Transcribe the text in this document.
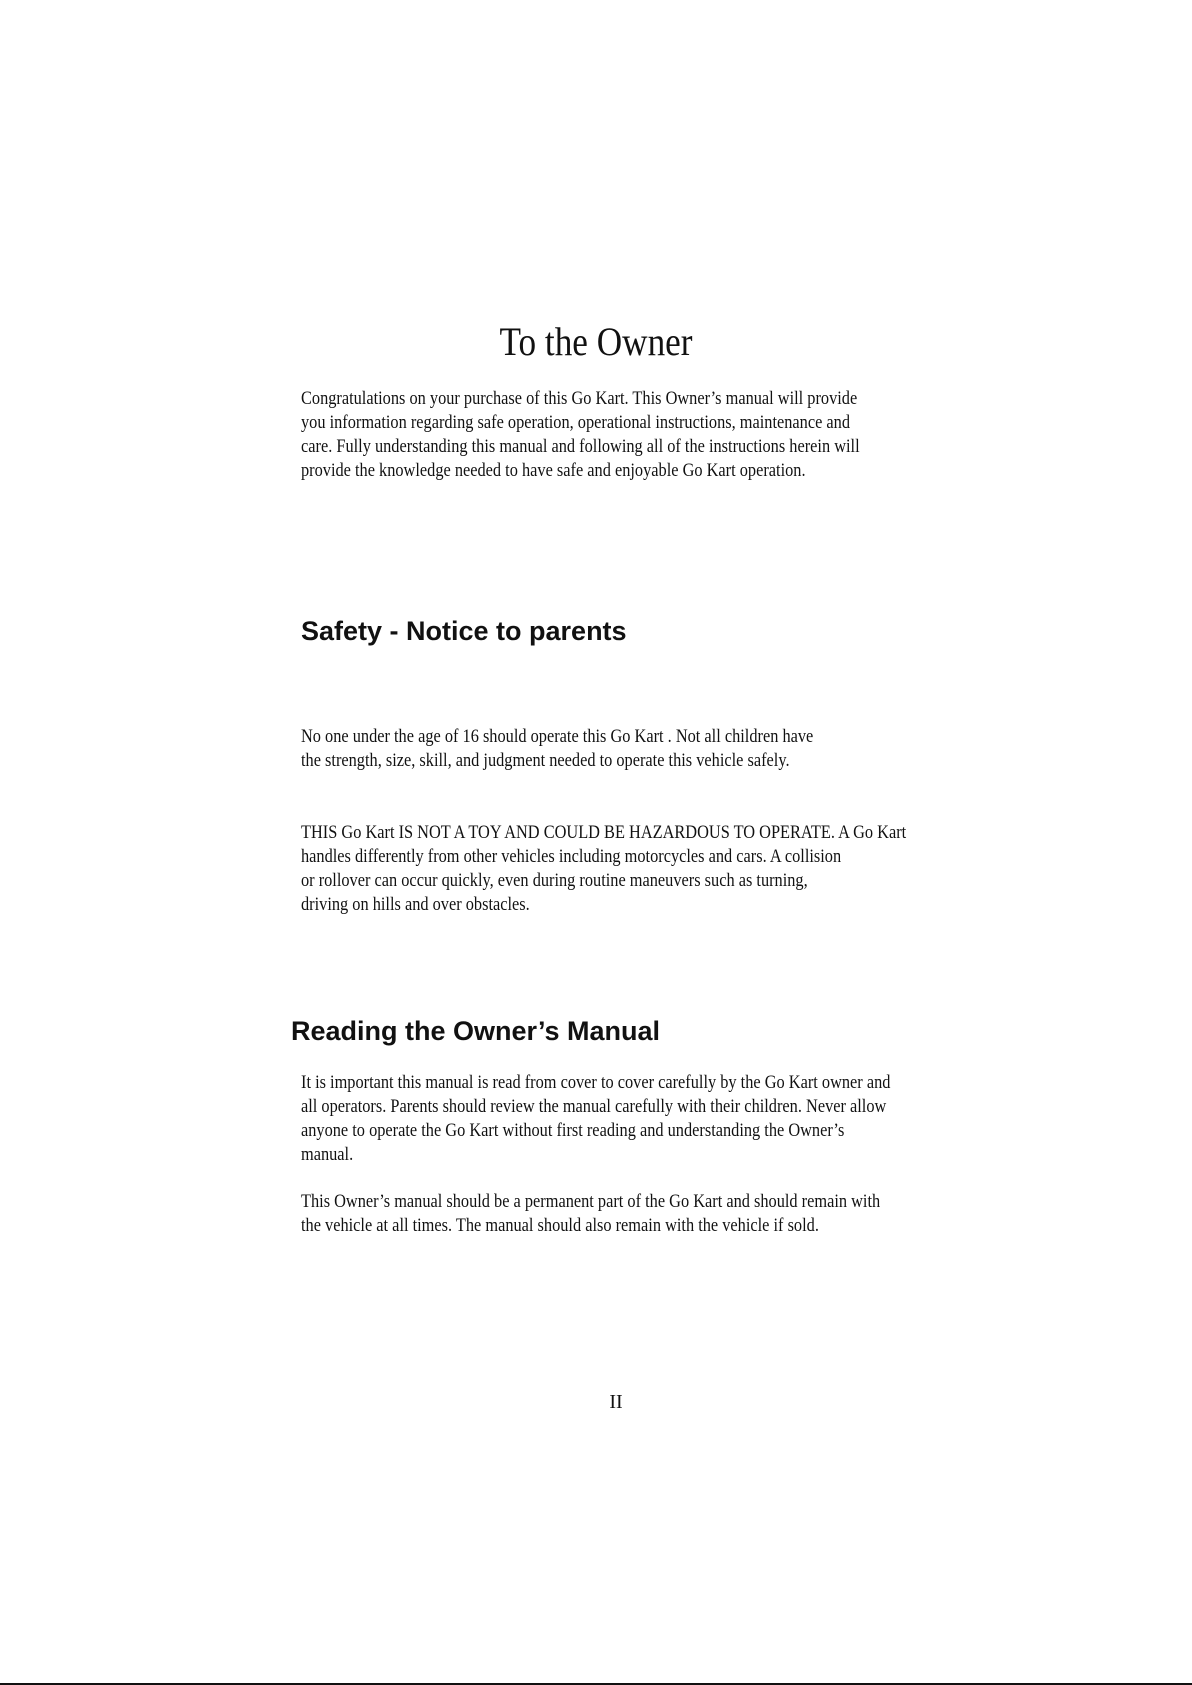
To the Owner

Congratulations on your purchase of this Go Kart. This Owner’s manual will provide
you information regarding safe operation, operational instructions, maintenance and
care. Fully understanding this manual and following all of the instructions herein will
provide the knowledge needed to have safe and enjoyable Go Kart operation.

Safety - Notice to parents

No one under the age of 16 should operate this Go Kart . Not all children have
the strength, size, skill, and judgment needed to operate this vehicle safely.

THIS Go Kart IS NOT A TOY AND COULD BE HAZARDOUS TO OPERATE. A Go Kart
handles differently from other vehicles including motorcycles and cars. A collision
or rollover can occur quickly, even during routine maneuvers such as turning,
driving on hills and over obstacles.

Reading the Owner’s Manual

It is important this manual is read from cover to cover carefully by the Go Kart owner and
all operators. Parents should review the manual carefully with their children. Never allow
anyone to operate the Go Kart without first reading and understanding the Owner’s
manual.

This Owner’s manual should be a permanent part of the Go Kart and should remain with
the vehicle at all times. The manual should also remain with the vehicle if sold.

II
